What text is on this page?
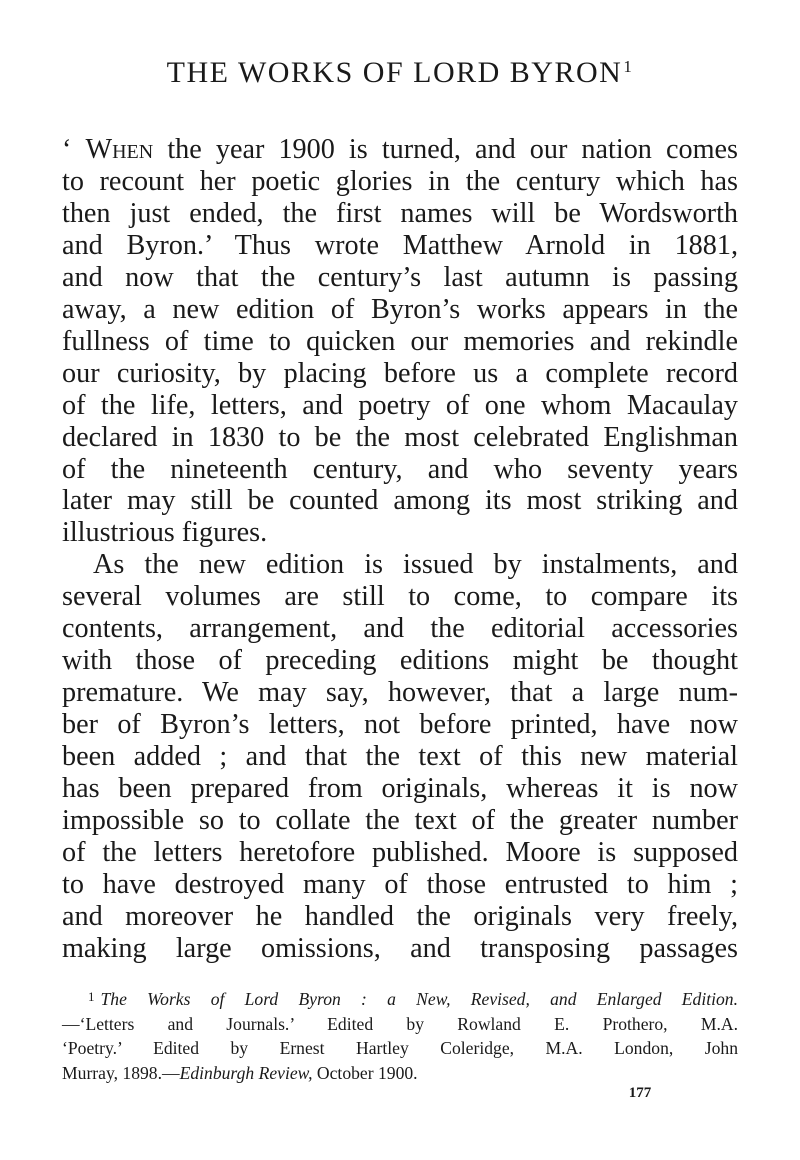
THE WORKS OF LORD BYRON$^1$
‘ When the year 1900 is turned, and our nation comes
to recount her poetic glories in the century which has
then just ended, the first names will be Wordsworth
and Byron.’ Thus wrote Matthew Arnold in 1881,
and now that the century’s last autumn is passing
away, a new edition of Byron’s works appears in the
fullness of time to quicken our memories and rekindle
our curiosity, by placing before us a complete record
of the life, letters, and poetry of one whom Macaulay
declared in 1830 to be the most celebrated Englishman
of the nineteenth century, and who seventy years
later may still be counted among its most striking and
illustrious figures.
As the new edition is issued by instalments, and
several volumes are still to come, to compare its
contents, arrangement, and the editorial accessories
with those of preceding editions might be thought
premature. We may say, however, that a large num-
ber of Byron’s letters, not before printed, have now
been added ; and that the text of this new material
has been prepared from originals, whereas it is now
impossible so to collate the text of the greater number
of the letters heretofore published. Moore is supposed
to have destroyed many of those entrusted to him ;
and moreover he handled the originals very freely,
making large omissions, and transposing passages
$^1$ The Works of Lord Byron : a New, Revised, and Enlarged Edition.
—‘Letters and Journals.’ Edited by Rowland E. Prothero, M.A.
‘Poetry.’ Edited by Ernest Hartley Coleridge, M.A. London, John
Murray, 1898.—Edinburgh Review, October 1900.
177
